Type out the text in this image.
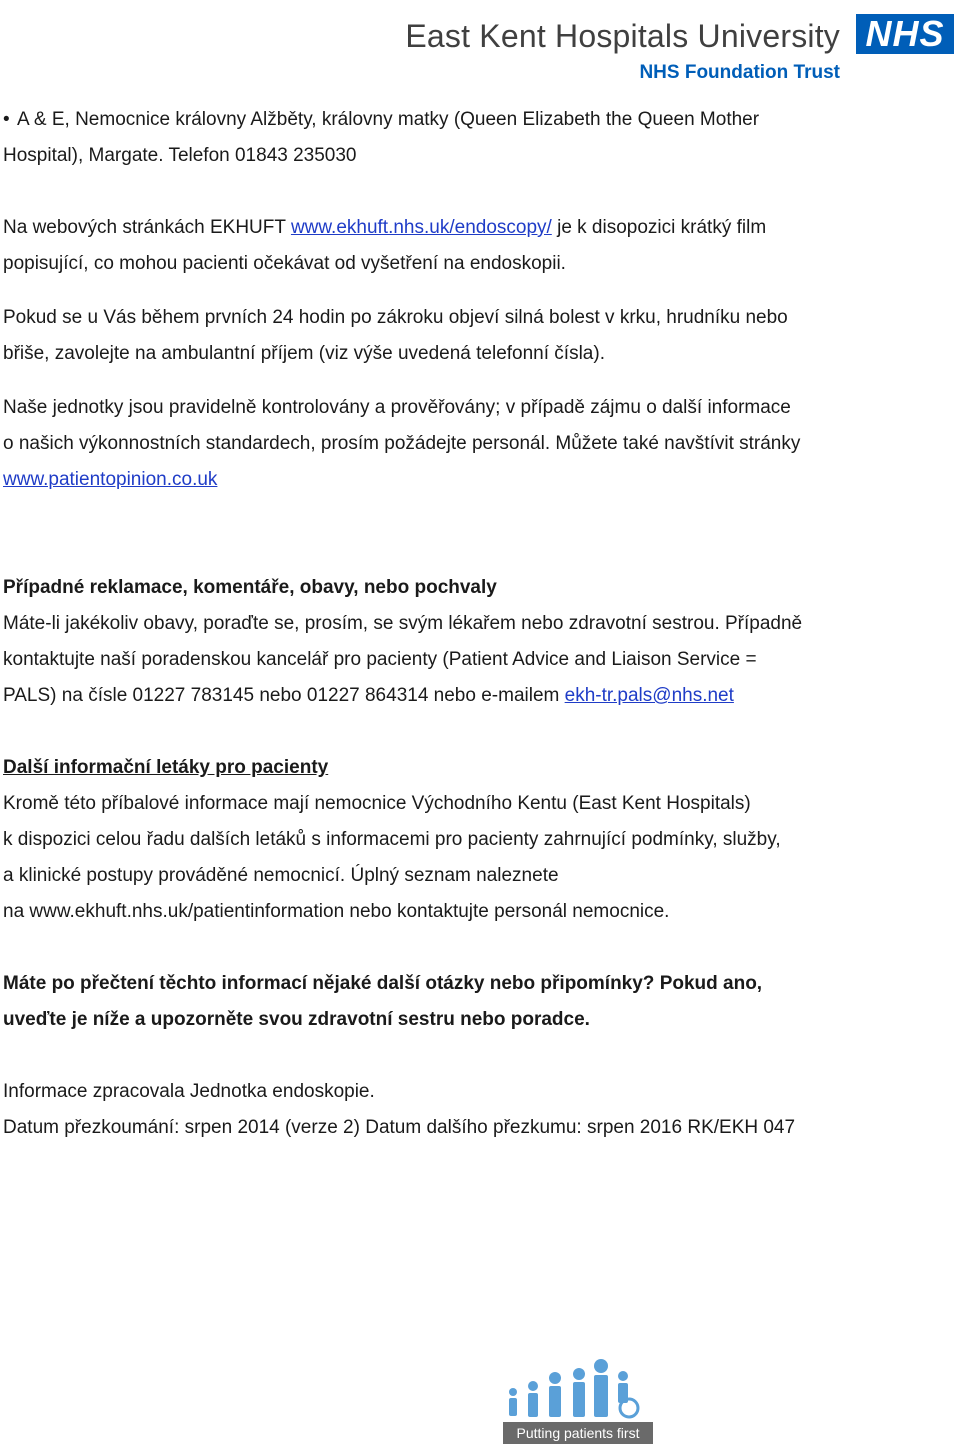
East Kent Hospitals University
NHS Foundation Trust
NHS

• A & E, Nemocnice královny Alžběty, královny matky (Queen Elizabeth the Queen Mother

Hospital), Margate. Telefon 01843 235030

Na webových stránkách EKHUFT www.ekhuft.nhs.uk/endoscopy/ je k disopozici krátký film

popisující, co mohou pacienti očekávat od vyšetření na endoskopii.

Pokud se u Vás během prvních 24 hodin po zákroku objeví silná bolest v krku, hrudníku nebo

břiše, zavolejte na ambulantní příjem (viz výše uvedená telefonní čísla).

Naše jednotky jsou pravidelně kontrolovány a prověřovány; v případě zájmu o další informace

o našich výkonnostních standardech, prosím požádejte personál. Můžete také navštívit stránky

www.patientopinion.co.uk

Případné reklamace, komentáře, obavy, nebo pochvaly

Máte-li jakékoliv obavy, poraďte se, prosím, se svým lékařem nebo zdravotní sestrou. Případně

kontaktujte naší poradenskou kancelář pro pacienty (Patient Advice and Liaison Service =

PALS) na čísle 01227 783145 nebo 01227 864314 nebo e-mailem ekh-tr.pals@nhs.net

Další informační letáky pro pacienty

Kromě této příbalové informace mají nemocnice Východního Kentu (East Kent Hospitals)

k dispozici celou řadu dalších letáků s informacemi pro pacienty zahrnující podmínky, služby,

a klinické postupy prováděné nemocnicí. Úplný seznam naleznete

na www.ekhuft.nhs.uk/patientinformation nebo kontaktujte personál nemocnice.

Máte po přečtení těchto informací nějaké další otázky nebo připomínky? Pokud ano,
uveďte je níže a upozorněte svou zdravotní sestru nebo poradce.

Informace zpracovala Jednotka endoskopie.

Datum přezkoumání: srpen 2014 (verze 2) Datum dalšího přezkumu: srpen 2016 RK/EKH 047

Putting patients first
